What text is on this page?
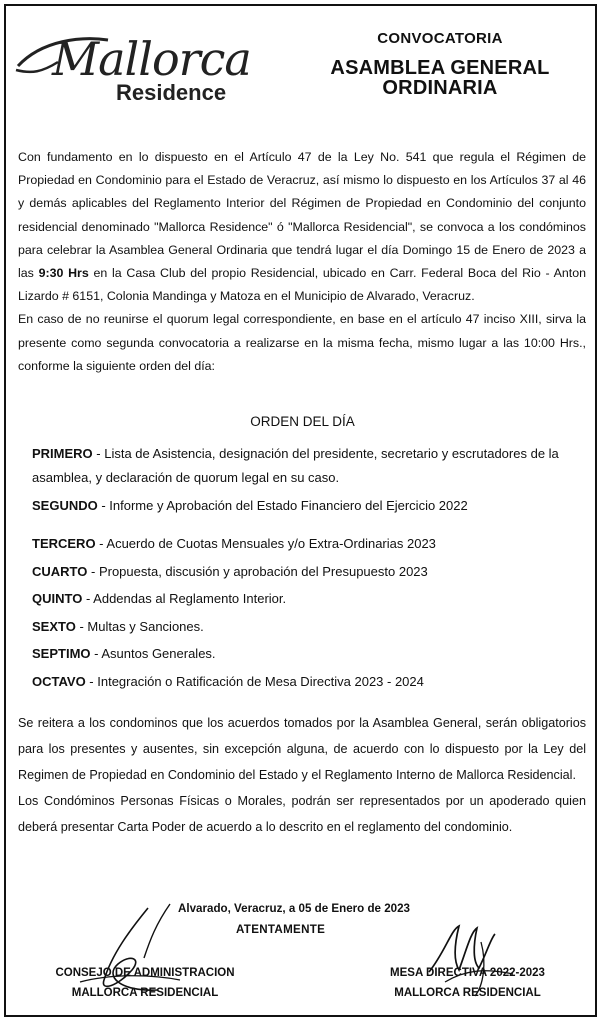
Mallorca
Residence
CONVOCATORIA
ASAMBLEA GENERAL
ORDINARIA

Con fundamento en lo dispuesto en el Artículo 47 de la Ley No. 541 que regula el Régimen de Propiedad en Condominio para el Estado de Veracruz, así mismo lo dispuesto en los Artículos 37 al 46 y demás aplicables del Reglamento Interior del Régimen de Propiedad en Condominio del conjunto residencial denominado "Mallorca Residence" ó "Mallorca Residencial", se convoca a los condóminos para celebrar la Asamblea General Ordinaria que tendrá lugar el día Domingo 15 de Enero de 2023 a las 9:30 Hrs en la Casa Club del propio Residencial, ubicado en Carr. Federal Boca del Rio - Anton Lizardo # 6151, Colonia Mandinga y Matoza en el Municipio de Alvarado, Veracruz.

En caso de no reunirse el quorum legal correspondiente, en base en el artículo 47 inciso XIII, sirva la presente como segunda convocatoria a realizarse en la misma fecha, mismo lugar a las 10:00 Hrs., conforme la siguiente orden del día:

ORDEN DEL DÍA
PRIMERO - Lista de Asistencia, designación del presidente, secretario y escrutadores de la asamblea, y declaración de quorum legal en su caso.
SEGUNDO - Informe y Aprobación del Estado Financiero del Ejercicio 2022
TERCERO - Acuerdo de Cuotas Mensuales y/o Extra-Ordinarias 2023
CUARTO - Propuesta, discusión y aprobación del Presupuesto 2023
QUINTO - Addendas al Reglamento Interior.
SEXTO - Multas y Sanciones.
SEPTIMO - Asuntos Generales.
OCTAVO - Integración o Ratificación de Mesa Directiva 2023 - 2024

Se reitera a los condominos que los acuerdos tomados por la Asamblea General, serán obligatorios para los presentes y ausentes, sin excepción alguna, de acuerdo con lo dispuesto por la Ley del Regimen de Propiedad en Condominio del Estado y el Reglamento Interno de Mallorca Residencial.

Los Condóminos Personas Físicas o Morales, podrán ser representados por un apoderado quien deberá presentar Carta Poder de acuerdo a lo descrito en el reglamento del condominio.

Alvarado, Veracruz, a 05 de Enero de 2023
ATENTAMENTE
CONSEJO DE ADMINISTRACION
MALLORCA RESIDENCIAL
MESA DIRECTIVA 2022-2023
MALLORCA RESIDENCIAL
